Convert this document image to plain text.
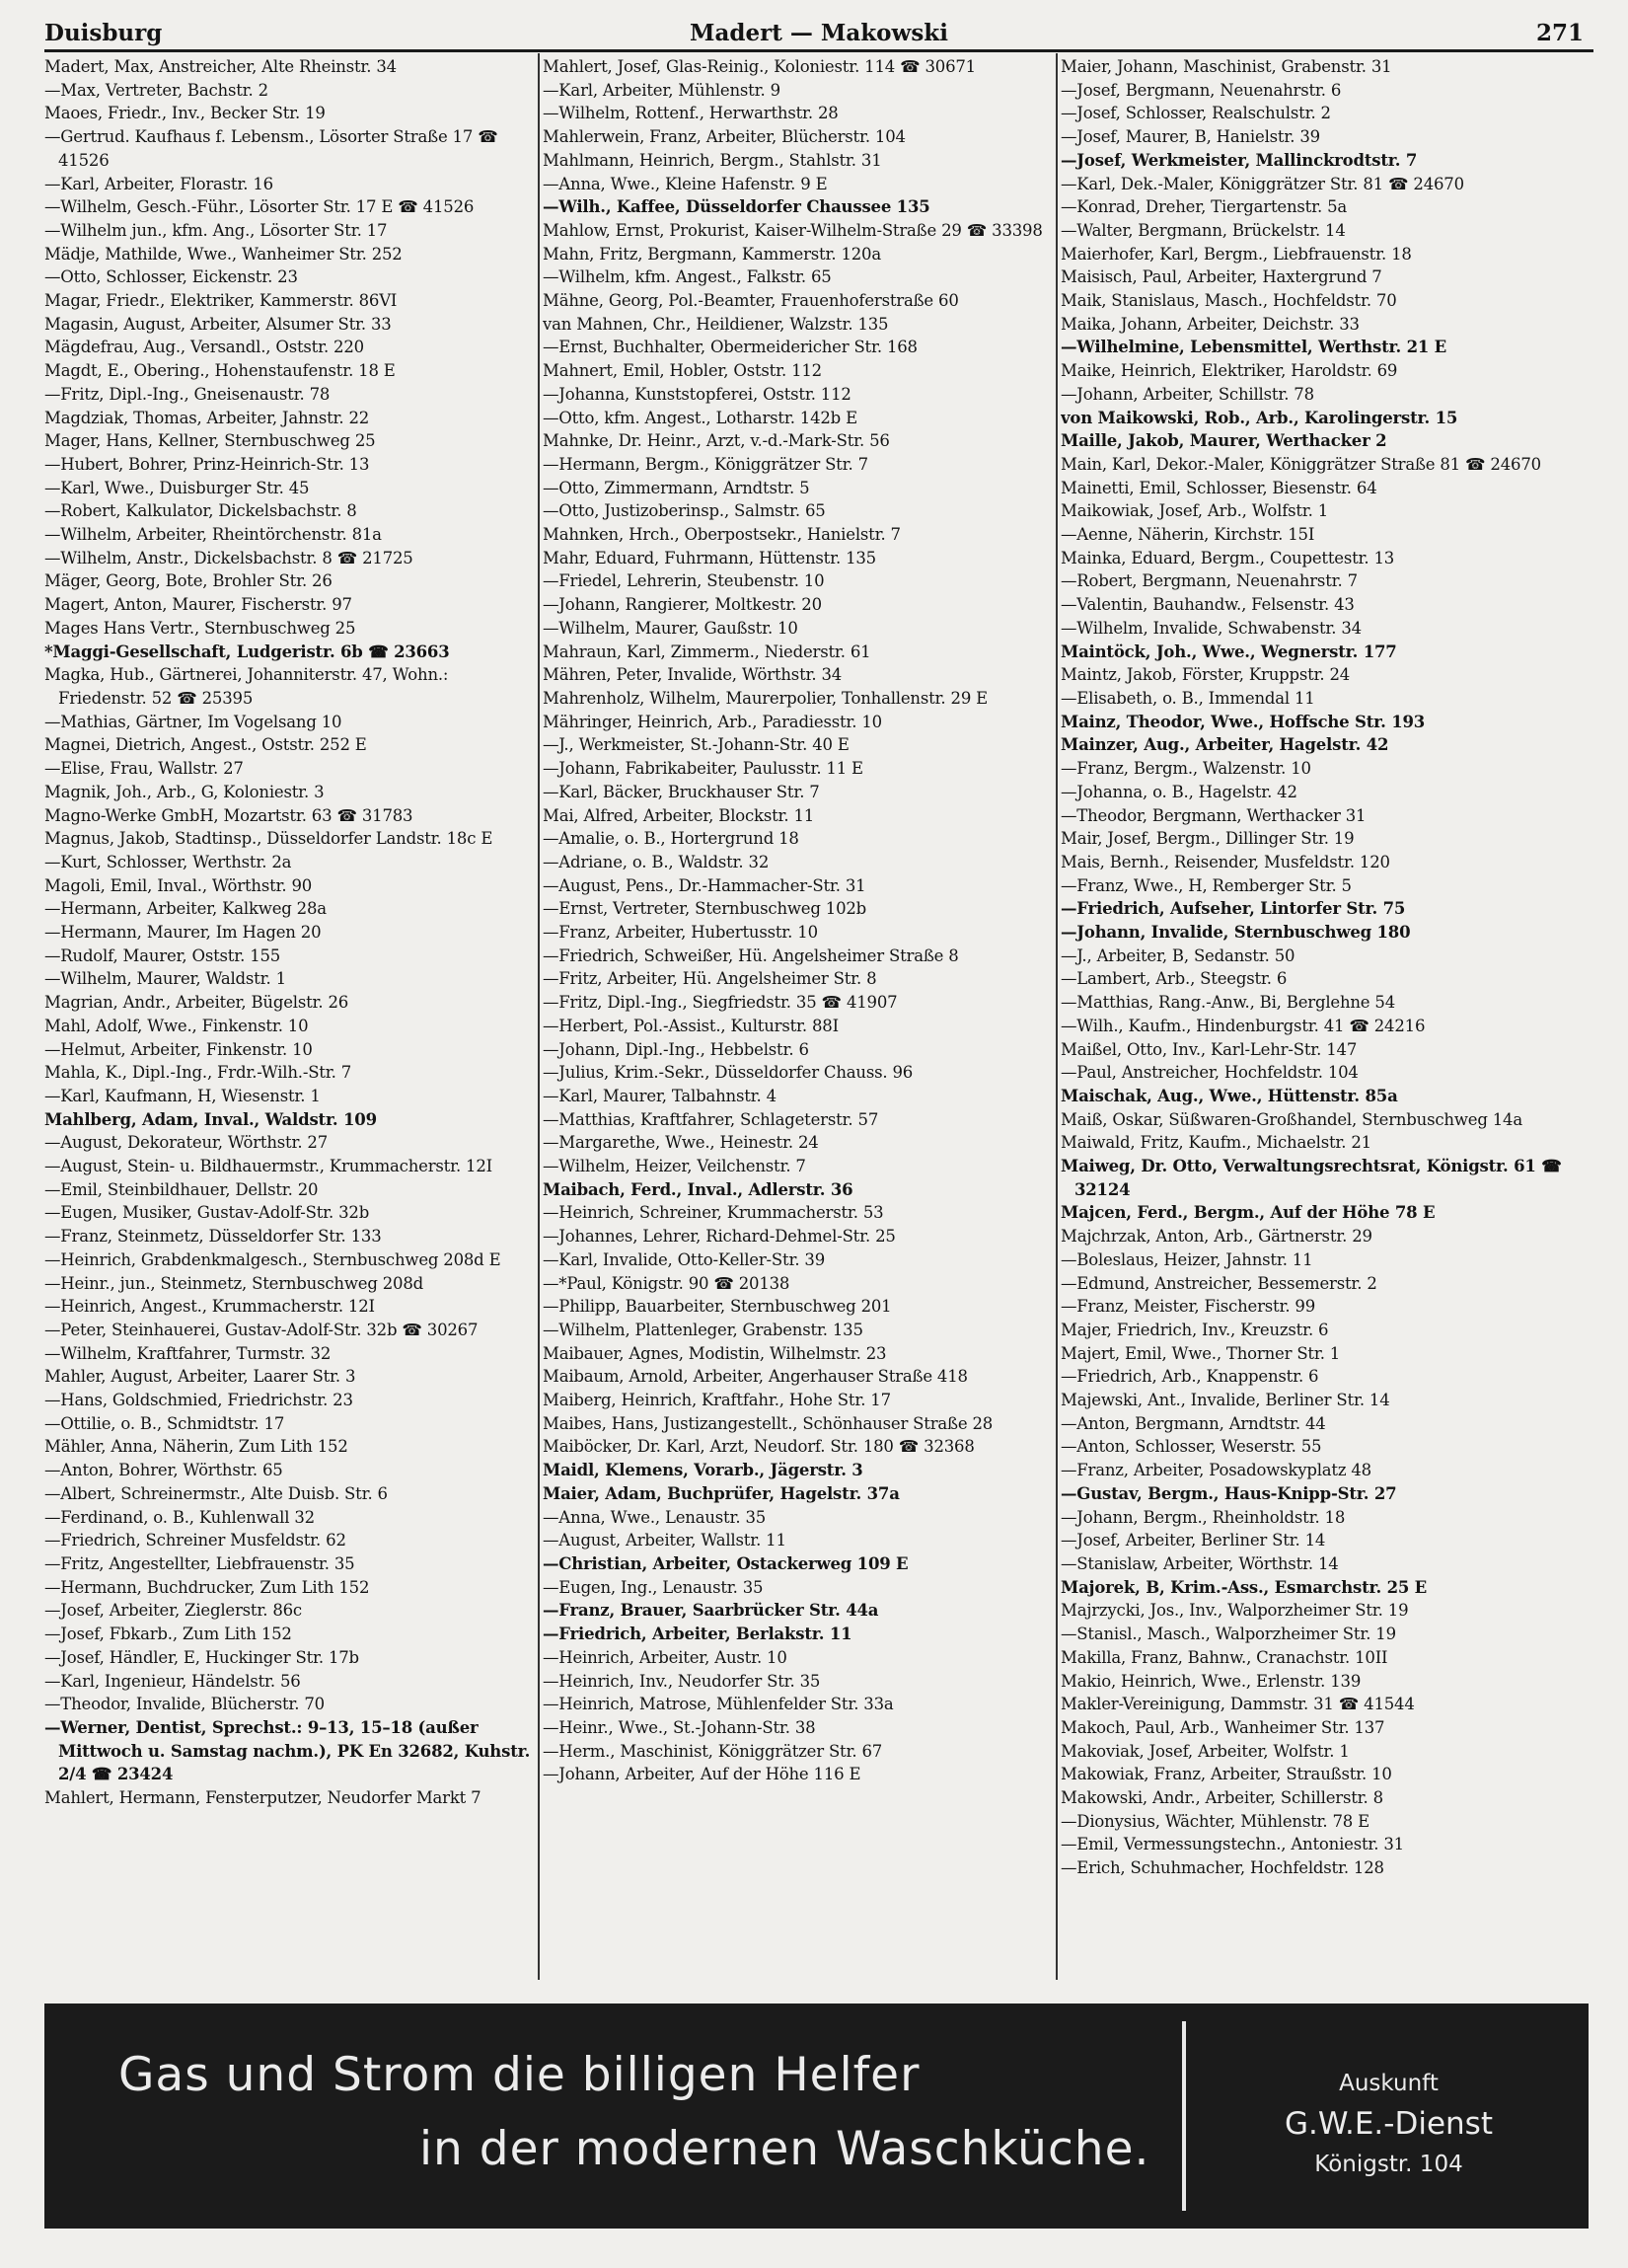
Duisburg	Madert — Makowski	271
Madert, Max, Anstreicher, Alte Rheinstr. 34
—Max, Vertreter, Bachstr. 2
Maoes, Friedr., Inv., Becker Str. 19
—Gertrud. Kaufhaus f. Lebensm., Lösorter Straße 17 ☎ 41526
—Karl, Arbeiter, Florastr. 16
—Wilhelm, Gesch.-Führ., Lösorter Str. 17 E ☎ 41526
—Wilhelm jun., kfm. Ang., Lösorter Str. 17
Mädje, Mathilde, Wwe., Wanheimer Str. 252
—Otto, Schlosser, Eickenstr. 23
Magar, Friedr., Elektriker, Kammerstr. 86VI
Magasin, August, Arbeiter, Alsumer Str. 33
Mägdefrau, Aug., Versandl., Oststr. 220
Magdt, E., Obering., Hohenstaufenstr. 18 E
—Fritz, Dipl.-Ing., Gneisenaustr. 78
Magdziak, Thomas, Arbeiter, Jahnstr. 22
Mager, Hans, Kellner, Sternbuschweg 25
—Hubert, Bohrer, Prinz-Heinrich-Str. 13
—Karl, Wwe., Duisburger Str. 45
—Robert, Kalkulator, Dickelsbachstr. 8
—Wilhelm, Arbeiter, Rheintörchenstr. 81a
—Wilhelm, Anstr., Dickelsbachstr. 8 ☎ 21725
Mäger, Georg, Bote, Brohler Str. 26
Magert, Anton, Maurer, Fischerstr. 97
Mages Hans Vertr., Sternbuschweg 25
*Maggi-Gesellschaft, Ludgeristr. 6b ☎ 23663
Magka, Hub., Gärtnerei, Johanniterstr. 47, Wohn.: Friedenstr. 52 ☎ 25395
—Mathias, Gärtner, Im Vogelsang 10
Magnei, Dietrich, Angest., Oststr. 252 E
—Elise, Frau, Wallstr. 27
Magnik, Joh., Arb., G, Koloniestr. 3
Magno-Werke GmbH, Mozartstr. 63 ☎ 31783
Magnus, Jakob, Stadtinsp., Düsseldorfer Landstr. 18c E
—Kurt, Schlosser, Werthstr. 2a
Magoli, Emil, Inval., Wörthstr. 90
—Hermann, Arbeiter, Kalkweg 28a
—Hermann, Maurer, Im Hagen 20
—Rudolf, Maurer, Oststr. 155
—Wilhelm, Maurer, Waldstr. 1
Magrian, Andr., Arbeiter, Bügelstr. 26
Mahl, Adolf, Wwe., Finkenstr. 10
—Helmut, Arbeiter, Finkenstr. 10
Mahla, K., Dipl.-Ing., Frdr.-Wilh.-Str. 7
—Karl, Kaufmann, H, Wiesenstr. 1
Mahlberg, Adam, Inval., Waldstr. 109
—August, Dekorateur, Wörthstr. 27
—August, Stein- u. Bildhauermstr., Krummacherstr. 12I
—Emil, Steinbildhauer, Dellstr. 20
—Eugen, Musiker, Gustav-Adolf-Str. 32b
—Franz, Steinmetz, Düsseldorfer Str. 133
—Heinrich, Grabdenkmalgesch., Sternbuschweg 208d E
—Heinr., jun., Steinmetz, Sternbuschweg 208d
—Heinrich, Angest., Krummacherstr. 12I
—Peter, Steinhauerei, Gustav-Adolf-Str. 32b ☎ 30267
—Wilhelm, Kraftfahrer, Turmstr. 32
Mahler, August, Arbeiter, Laarer Str. 3
—Hans, Goldschmied, Friedrichstr. 23
—Ottilie, o. B., Schmidtstr. 17
Mähler, Anna, Näherin, Zum Lith 152
—Anton, Bohrer, Wörthstr. 65
—Albert, Schreinermstr., Alte Duisb. Str. 6
—Ferdinand, o. B., Kuhlenwall 32
—Friedrich, Schreiner Musfeldstr. 62
—Fritz, Angestellter, Liebfrauenstr. 35
—Hermann, Buchdrucker, Zum Lith 152
—Josef, Arbeiter, Zieglerstr. 86c
—Josef, Fbkarb., Zum Lith 152
—Josef, Händler, E, Huckinger Str. 17b
—Karl, Ingenieur, Händelstr. 56
—Theodor, Invalide, Blücherstr. 70
—Werner, Dentist, Sprechst.: 9–13, 15–18 (außer Mittwoch u. Samstag nachm.), PK En 32682, Kuhstr. 2/4 ☎ 23424
Mahlert, Hermann, Fensterputzer, Neudorfer Markt 7
Mahlert, Josef, Glas-Reinig., Koloniestr. 114 ☎ 30671
—Karl, Arbeiter, Mühlenstr. 9
—Wilhelm, Rottenf., Herwarthstr. 28
Mahlerwein, Franz, Arbeiter, Blücherstr. 104
Mahlmann, Heinrich, Bergm., Stahlstr. 31
—Anna, Wwe., Kleine Hafenstr. 9 E
—Wilh., Kaffee, Düsseldorfer Chaussee 135
Mahlow, Ernst, Prokurist, Kaiser-Wilhelm-Straße 29 ☎ 33398
Mahn, Fritz, Bergmann, Kammerstr. 120a
—Wilhelm, kfm. Angest., Falkstr. 65
Mähne, Georg, Pol.-Beamter, Frauenhoferstraße 60
van Mahnen, Chr., Heildiener, Walzstr. 135
—Ernst, Buchhalter, Obermeidericher Str. 168
Mahnert, Emil, Hobler, Oststr. 112
—Johanna, Kunststopferei, Oststr. 112
—Otto, kfm. Angest., Lotharstr. 142b E
Mahnke, Dr. Heinr., Arzt, v.-d.-Mark-Str. 56
—Hermann, Bergm., Königgrätzer Str. 7
—Otto, Zimmermann, Arndtstr. 5
—Otto, Justizoberinsp., Salmstr. 65
Mahnken, Hrch., Oberpostsekr., Hanielstr. 7
Mahr, Eduard, Fuhrmann, Hüttenstr. 135
—Friedel, Lehrerin, Steubenstr. 10
—Johann, Rangierer, Moltkestr. 20
—Wilhelm, Maurer, Gaußstr. 10
Mahraun, Karl, Zimmerm., Niederstr. 61
Mähren, Peter, Invalide, Wörthstr. 34
Mahrenholz, Wilhelm, Maurerpolier, Tonhallenstr. 29 E
Mähringer, Heinrich, Arb., Paradiesstr. 10
—J., Werkmeister, St.-Johann-Str. 40 E
—Johann, Fabrikabeiter, Paulusstr. 11 E
—Karl, Bäcker, Bruckhauser Str. 7
Mai, Alfred, Arbeiter, Blockstr. 11
—Amalie, o. B., Hortergrund 18
—Adriane, o. B., Waldstr. 32
—August, Pens., Dr.-Hammacher-Str. 31
—Ernst, Vertreter, Sternbuschweg 102b
—Franz, Arbeiter, Hubertusstr. 10
—Friedrich, Schweißer, Hü. Angelsheimer Straße 8
—Fritz, Arbeiter, Hü. Angelsheimer Str. 8
—Fritz, Dipl.-Ing., Siegfriedstr. 35 ☎ 41907
—Herbert, Pol.-Assist., Kulturstr. 88I
—Johann, Dipl.-Ing., Hebbelstr. 6
—Julius, Krim.-Sekr., Düsseldorfer Chauss. 96
—Karl, Maurer, Talbahnstr. 4
—Matthias, Kraftfahrer, Schlageterstr. 57
—Margarethe, Wwe., Heinestr. 24
—Wilhelm, Heizer, Veilchenstr. 7
Maibach, Ferd., Inval., Adlerstr. 36
—Heinrich, Schreiner, Krummacherstr. 53
—Johannes, Lehrer, Richard-Dehmel-Str. 25
—Karl, Invalide, Otto-Keller-Str. 39
—*Paul, Königstr. 90 ☎ 20138
—Philipp, Bauarbeiter, Sternbuschweg 201
—Wilhelm, Plattenleger, Grabenstr. 135
Maibauer, Agnes, Modistin, Wilhelmstr. 23
Maibaum, Arnold, Arbeiter, Angerhauser Straße 418
Maiberg, Heinrich, Kraftfahr., Hohe Str. 17
Maibes, Hans, Justizangestellt., Schönhauser Straße 28
Maiböcker, Dr. Karl, Arzt, Neudorf. Str. 180 ☎ 32368
Maidl, Klemens, Vorarb., Jägerstr. 3
Maier, Adam, Buchprüfer, Hagelstr. 37a
—Anna, Wwe., Lenaustr. 35
—August, Arbeiter, Wallstr. 11
—Christian, Arbeiter, Ostackerweg 109 E
—Eugen, Ing., Lenaustr. 35
—Franz, Brauer, Saarbrücker Str. 44a
—Friedrich, Arbeiter, Berlakstr. 11
—Heinrich, Arbeiter, Austr. 10
—Heinrich, Inv., Neudorfer Str. 35
—Heinrich, Matrose, Mühlenfelder Str. 33a
—Heinr., Wwe., St.-Johann-Str. 38
—Herm., Maschinist, Königgrätzer Str. 67
—Johann, Arbeiter, Auf der Höhe 116 E
Maier, Johann, Maschinist, Grabenstr. 31
—Josef, Bergmann, Neuenahrstr. 6
—Josef, Schlosser, Realschulstr. 2
—Josef, Maurer, B, Hanielstr. 39
—Josef, Werkmeister, Mallinckrodtstr. 7
—Karl, Dek.-Maler, Königgrätzer Str. 81 ☎ 24670
—Konrad, Dreher, Tiergartenstr. 5a
—Walter, Bergmann, Brückelstr. 14
Maierhofer, Karl, Bergm., Liebfrauenstr. 18
Maisisch, Paul, Arbeiter, Haxtergrund 7
Maik, Stanislaus, Masch., Hochfeldstr. 70
Maika, Johann, Arbeiter, Deichstr. 33
—Wilhelmine, Lebensmittel, Werthstr. 21 E
Maike, Heinrich, Elektriker, Haroldstr. 69
—Johann, Arbeiter, Schillstr. 78
von Maikowski, Rob., Arb., Karolingerstr. 15
Maille, Jakob, Maurer, Werthacker 2
Main, Karl, Dekor.-Maler, Königgrätzer Straße 81 ☎ 24670
Mainetti, Emil, Schlosser, Biesenstr. 64
Maikowiak, Josef, Arb., Wolfstr. 1
—Aenne, Näherin, Kirchstr. 15I
Mainka, Eduard, Bergm., Coupettestr. 13
—Robert, Bergmann, Neuenahrstr. 7
—Valentin, Bauhandw., Felsenstr. 43
—Wilhelm, Invalide, Schwabenstr. 34
Maintöck, Joh., Wwe., Wegnerstr. 177
Maintz, Jakob, Förster, Kruppstr. 24
—Elisabeth, o. B., Immendal 11
Mainz, Theodor, Wwe., Hoffsche Str. 193
Mainzer, Aug., Arbeiter, Hagelstr. 42
—Franz, Bergm., Walzenstr. 10
—Johanna, o. B., Hagelstr. 42
—Theodor, Bergmann, Werthacker 31
Mair, Josef, Bergm., Dillinger Str. 19
Mais, Bernh., Reisender, Musfeldstr. 120
—Franz, Wwe., H, Remberger Str. 5
—Friedrich, Aufseher, Lintorfer Str. 75
—Johann, Invalide, Sternbuschweg 180
—J., Arbeiter, B, Sedanstr. 50
—Lambert, Arb., Steegstr. 6
—Matthias, Rang.-Anw., Bi, Berglehne 54
—Wilh., Kaufm., Hindenburgstr. 41 ☎ 24216
Maißel, Otto, Inv., Karl-Lehr-Str. 147
—Paul, Anstreicher, Hochfeldstr. 104
Maischak, Aug., Wwe., Hüttenstr. 85a
Maiß, Oskar, Süßwaren-Großhandel, Sternbuschweg 14a
Maiwald, Fritz, Kaufm., Michaelstr. 21
Maiweg, Dr. Otto, Verwaltungsrechtsrat, Königstr. 61 ☎ 32124
Majcen, Ferd., Bergm., Auf der Höhe 78 E
Majchrzak, Anton, Arb., Gärtnerstr. 29
—Boleslaus, Heizer, Jahnstr. 11
—Edmund, Anstreicher, Bessemerstr. 2
—Franz, Meister, Fischerstr. 99
Majer, Friedrich, Inv., Kreuzstr. 6
Majert, Emil, Wwe., Thorner Str. 1
—Friedrich, Arb., Knappenstr. 6
Majewski, Ant., Invalide, Berliner Str. 14
—Anton, Bergmann, Arndtstr. 44
—Anton, Schlosser, Weserstr. 55
—Franz, Arbeiter, Posadowskyplatz 48
—Gustav, Bergm., Haus-Knipp-Str. 27
—Johann, Bergm., Rheinholdstr. 18
—Josef, Arbeiter, Berliner Str. 14
—Stanislaw, Arbeiter, Wörthstr. 14
Majorek, B, Krim.-Ass., Esmarchstr. 25 E
Majrzycki, Jos., Inv., Walporzheimer Str. 19
—Stanisl., Masch., Walporzheimer Str. 19
Makilla, Franz, Bahnw., Cranachstr. 10II
Makio, Heinrich, Wwe., Erlenstr. 139
Makler-Vereinigung, Dammstr. 31 ☎ 41544
Makoch, Paul, Arb., Wanheimer Str. 137
Makoviak, Josef, Arbeiter, Wolfstr. 1
Makowiak, Franz, Arbeiter, Straußstr. 10
Makowski, Andr., Arbeiter, Schillerstr. 8
—Dionysius, Wächter, Mühlenstr. 78 E
—Emil, Vermessungstechn., Antoniestr. 31
—Erich, Schuhmacher, Hochfeldstr. 128
Gas und Strom die billigen Helfer
in der modernen Waschküche.
Auskunft
G.W.E.-Dienst
Königstr. 104
